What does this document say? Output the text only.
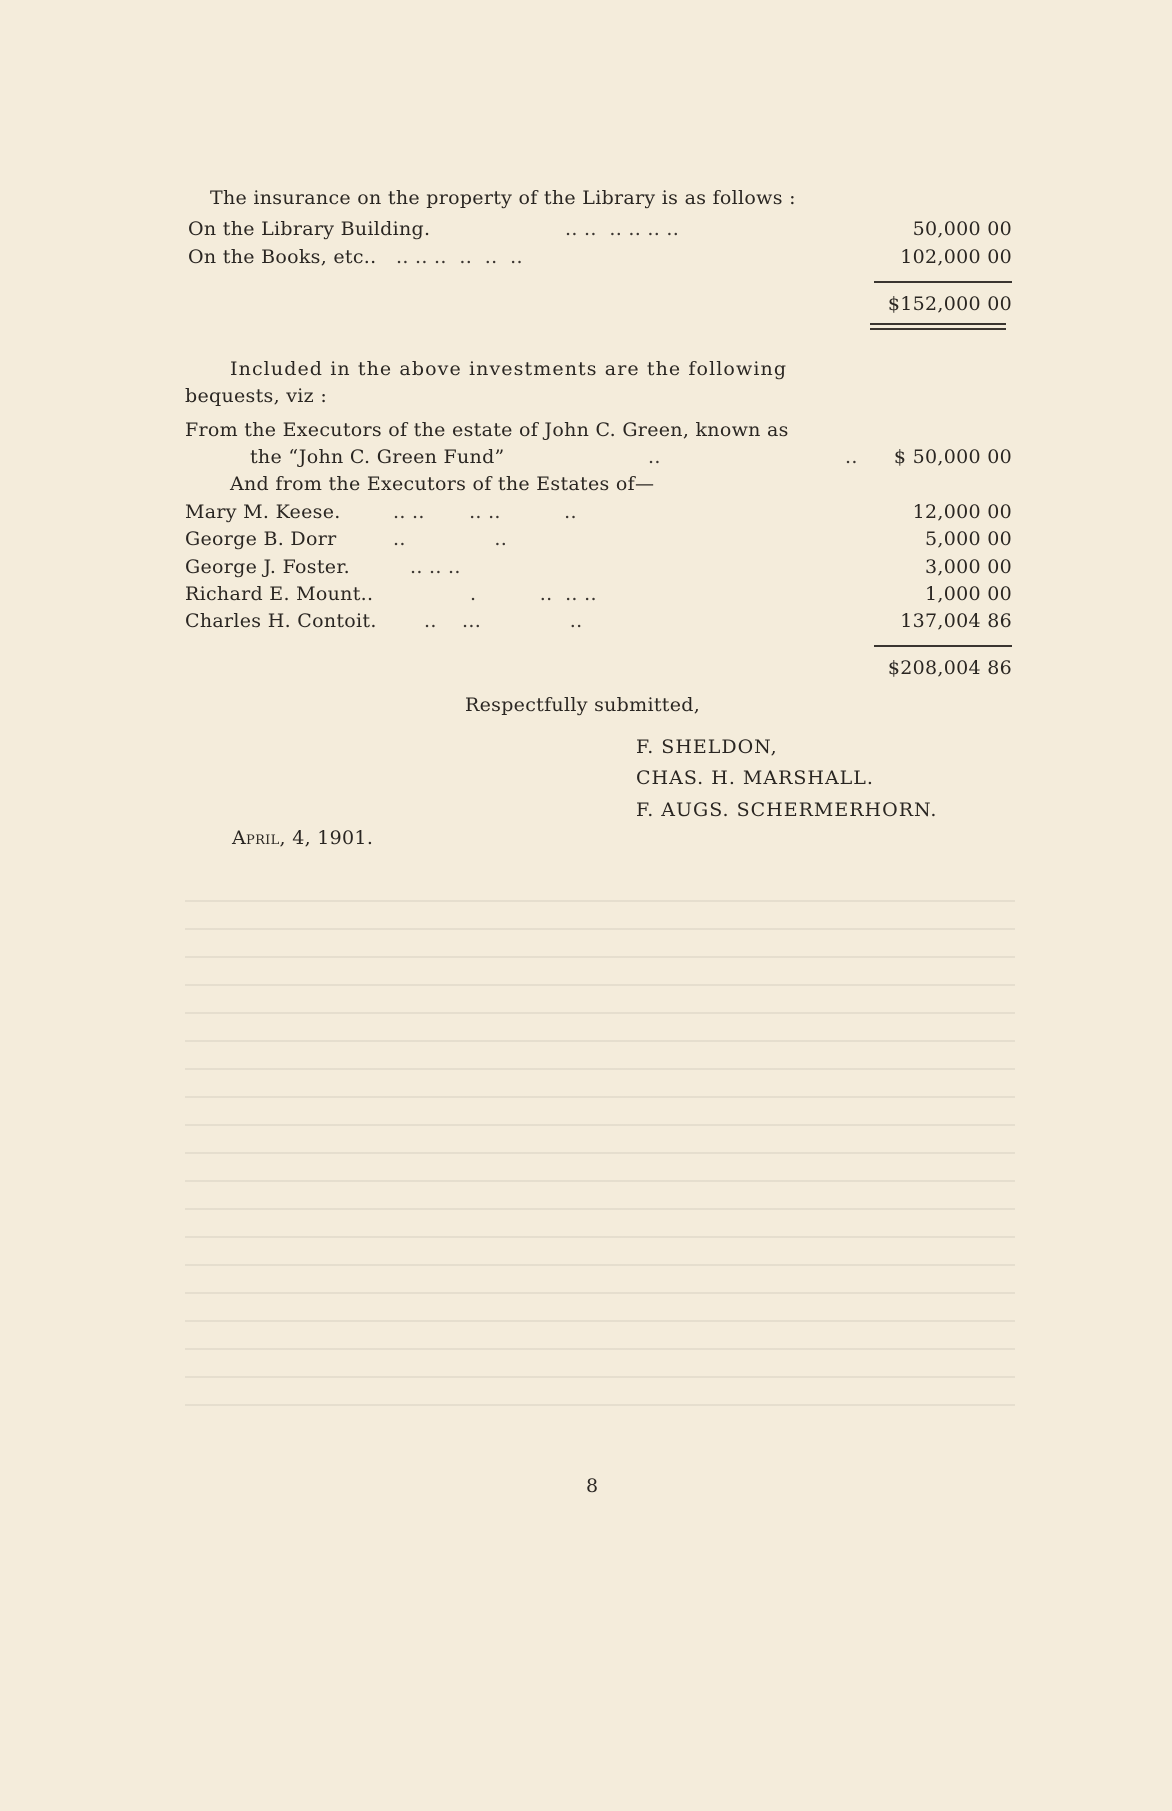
The insurance on the property of the Library is as follows :
On the Library Building.	.. ..  .. .. .. ..	50,000 00
On the Books, etc.. .. .. ..  ..  ..  ..	102,000 00
$152,000 00
Included in the above investments are the following
bequests, viz :
From the Executors of the estate of John C. Green, known as
the “John C. Green Fund”	..	..	$ 50,000 00
And from the Executors of the Estates of—
Mary M. Keese.	.. ..       .. ..          ..	12,000 00
George B. Dorr	..              ..	5,000 00
George J. Foster.	.. .. ..	3,000 00
Richard E. Mount..	.          ..  .. ..	1,000 00
Charles H. Contoit. ..    ...              ..	137,004 86
$208,004 86
Respectfully submitted,
F. SHELDON,
CHAS. H. MARSHALL.
F. AUGS. SCHERMERHORN.
April, 4, 1901.
8
